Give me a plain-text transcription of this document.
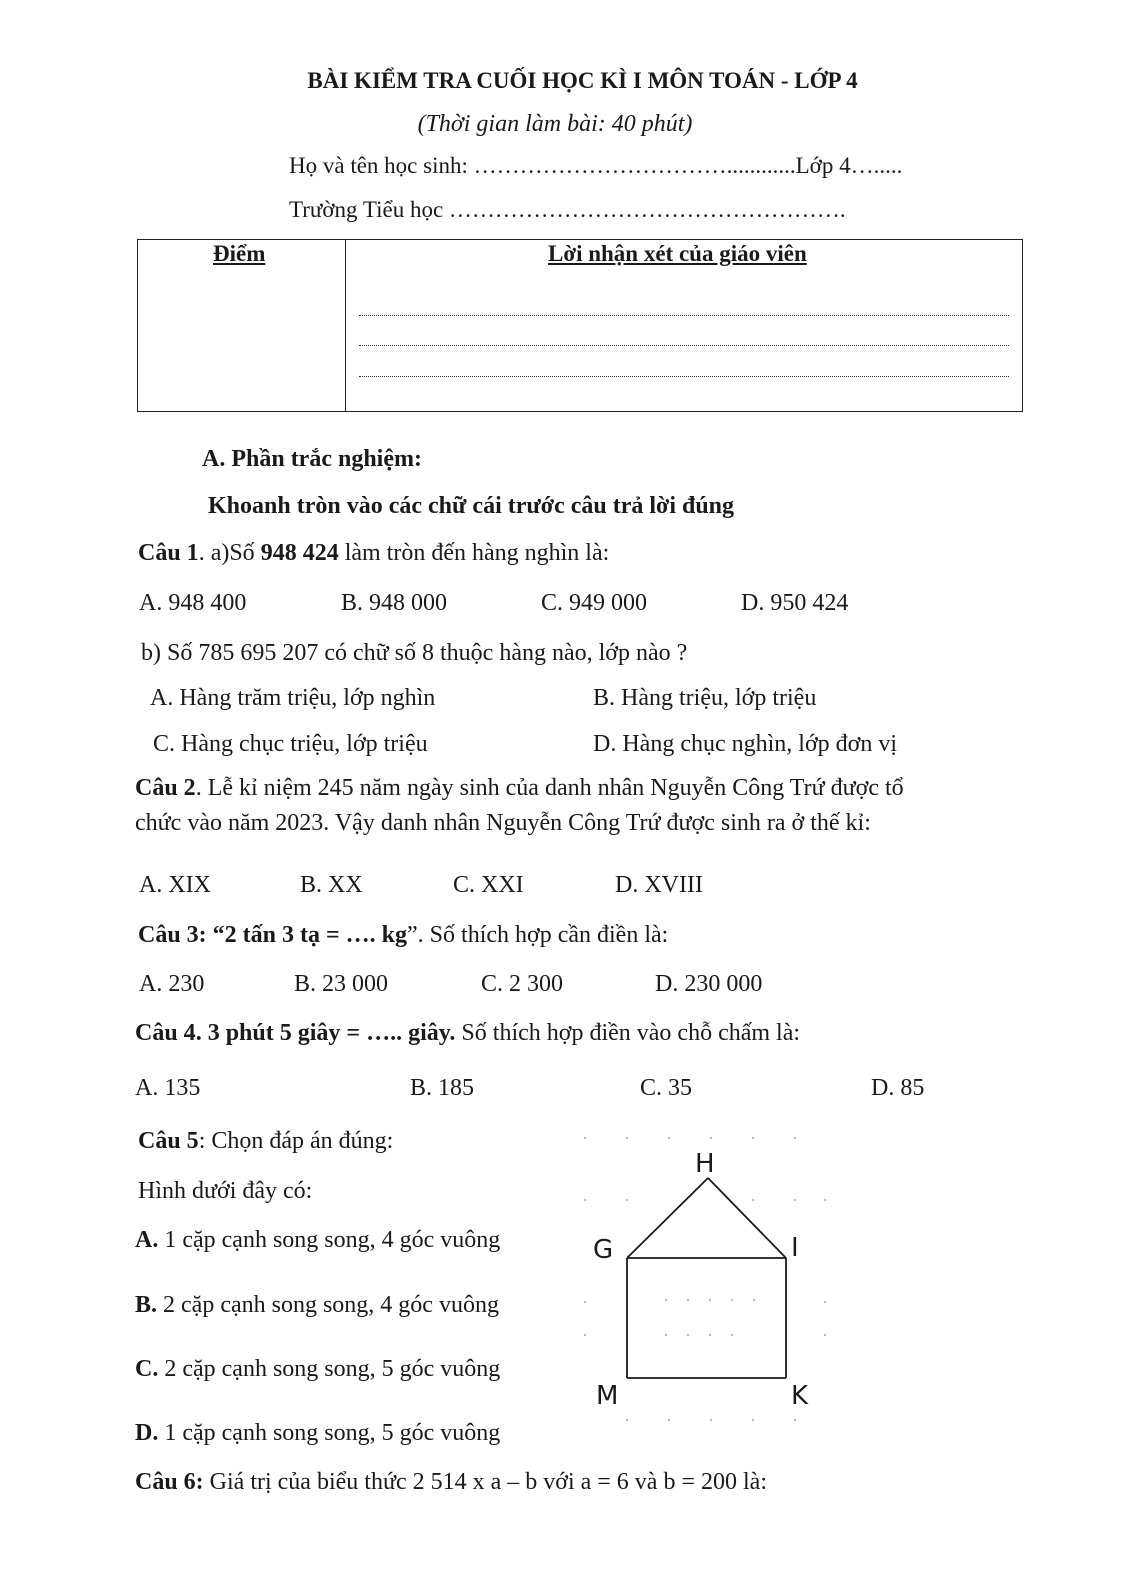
BÀI KIỂM TRA CUỐI HỌC KÌ I MÔN TOÁN - LỚP 4
(Thời gian làm bài: 40 phút)
Họ và tên học sinh: ……………………………............Lớp 4….....
Trường Tiểu học …………………………………………….
Điểm	Lời nhận xét của giáo viên
A. Phần trắc nghiệm:
Khoanh tròn vào các chữ cái trước câu trả lời đúng
Câu 1. a)Số 948 424 làm tròn đến hàng nghìn là:
A. 948 400	B. 948 000	C. 949 000	D. 950 424
b) Số 785 695 207 có chữ số 8 thuộc hàng nào, lớp nào ?
A. Hàng trăm triệu, lớp nghìn	B. Hàng triệu, lớp triệu
C. Hàng chục triệu, lớp triệu	D. Hàng chục nghìn, lớp đơn vị
Câu 2. Lễ kỉ niệm 245 năm ngày sinh của danh nhân Nguyễn Công Trứ được tổ
chức vào năm 2023. Vậy danh nhân Nguyễn Công Trứ được sinh ra ở thế kỉ:
A. XIX	B. XX	C. XXI	D. XVIII
Câu 3: “2 tấn 3 tạ = …. kg”. Số thích hợp cần điền là:
A. 230	B. 23 000	C. 2 300	D. 230 000
Câu 4. 3 phút 5 giây = ….. giây. Số thích hợp điền vào chỗ chấm là:
A. 135	B. 185	C. 35	D. 85
Câu 5: Chọn đáp án đúng:
Hình dưới đây có:
A. 1 cặp cạnh song song, 4 góc vuông
B. 2 cặp cạnh song song, 4 góc vuông
C. 2 cặp cạnh song song, 5 góc vuông
D. 1 cặp cạnh song song, 5 góc vuông
H
G	I
M	K
Câu 6: Giá trị của biểu thức 2 514 x a – b với a = 6 và b = 200 là:
